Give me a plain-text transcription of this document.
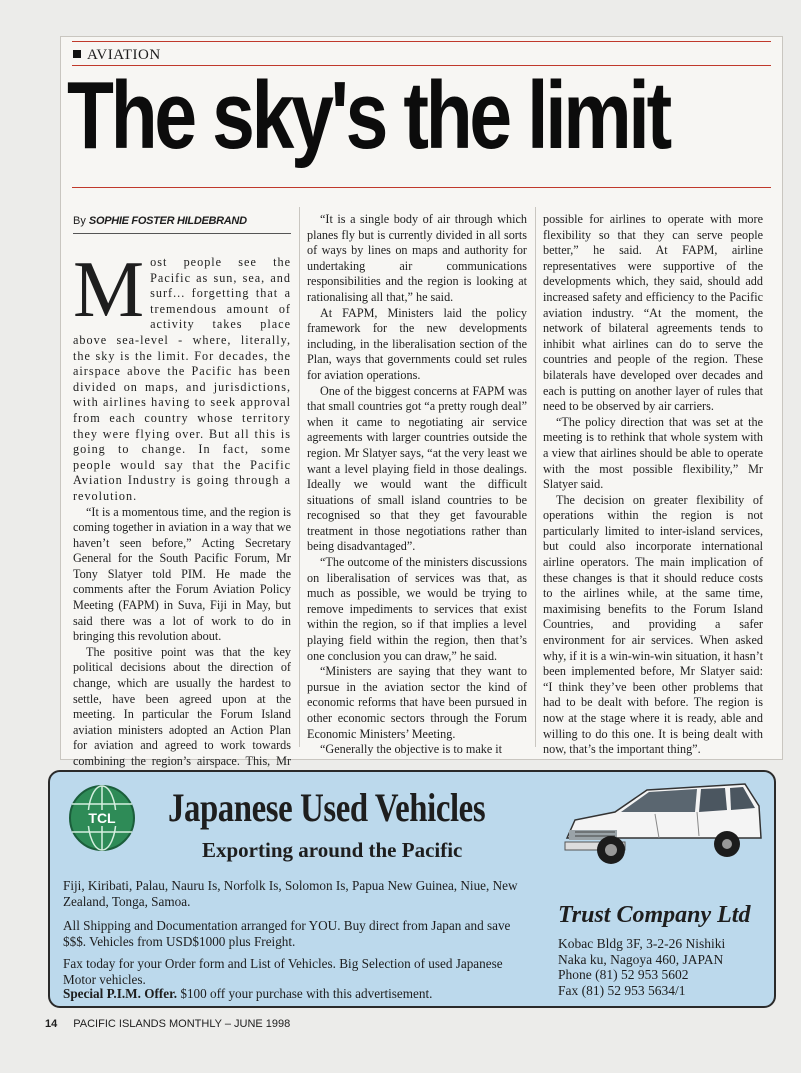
AVIATION
The sky's the limit
By SOPHIE FOSTER HILDEBRAND

Most people see the Pacific as sun, sea, and surf... forgetting that a tremendous amount of activity takes place above sea-level - where, literally, the sky is the limit. For decades, the airspace above the Pacific has been divided on maps, and jurisdictions, with airlines having to seek approval from each country whose territory they were flying over. But all this is going to change. In fact, some people would say that the Pacific Aviation Industry is going through a revolution.

“It is a momentous time, and the region is coming together in aviation in a way that we haven’t seen before,” Acting Secretary General for the South Pacific Forum, Mr Tony Slatyer told PIM. He made the comments after the Forum Aviation Policy Meeting (FAPM) in Suva, Fiji in May, but said there was a lot of work to do in bringing this revolution about.

The positive point was that the key political decisions about the direction of change, which are usually the hardest to settle, have been agreed upon at the meeting. In particular the Forum Island aviation ministers adopted an Action Plan for aviation and agreed to work towards combining the region’s airspace. This, Mr

“It is a single body of air through which planes fly but is currently divided in all sorts of ways by lines on maps and authority for undertaking air communications responsibilities and the region is looking at rationalising all that,” he said.

At FAPM, Ministers laid the policy framework for the new developments including, in the liberalisation section of the Plan, ways that governments could set rules for aviation operations.

One of the biggest concerns at FAPM was that small countries got “a pretty rough deal” when it came to negotiating air service agreements with larger countries outside the region. Mr Slatyer says, “at the very least we want a level playing field in those dealings. Ideally we would want the difficult situations of small island countries to be recognised so that they get favourable treatment in those negotiations rather than being disadvantaged”.

“The outcome of the ministers discussions on liberalisation of services was that, as much as possible, we would be trying to remove impediments to services that exist within the region, so if that implies a level playing field within the region, then that’s one conclusion you can draw,” he said.

“Ministers are saying that they want to pursue in the aviation sector the kind of economic reforms that have been pursued in other economic sectors through the Forum Economic Ministers’ Meeting.

“Generally the objective is to make it

possible for airlines to operate with more flexibility so that they can serve people better,” he said. At FAPM, airline representatives were supportive of the developments which, they said, should add increased safety and efficiency to the Pacific aviation industry. “At the moment, the network of bilateral agreements tends to inhibit what airlines can do to serve the countries and people of the region. These bilaterals have developed over decades and each is putting on another layer of rules that need to be observed by air carriers.

“The policy direction that was set at the meeting is to rethink that whole system with a view that airlines should be able to operate with the most possible flexibility,” Mr Slatyer said.

The decision on greater flexibility of operations within the region is not particularly limited to inter-island services, but could also incorporate international airline operators. The main implication of these changes is that it should reduce costs to the airlines while, at the same time, maximising benefits to the Forum Island Countries, and providing a safer environment for air services. When asked why, if it is a win-win-win situation, it hasn’t been implemented before, Mr Slatyer said: “I think they’ve been other problems that had to be dealt with before. The region is now at the stage where it is ready, able and willing to do this one. It is being dealt with now, that’s the important thing”.

TCL Japanese Used Vehicles
Exporting around the Pacific
Fiji, Kiribati, Palau, Nauru Is, Norfolk Is, Solomon Is, Papua New Guinea, Niue, New Zealand, Tonga, Samoa.
All Shipping and Documentation arranged for YOU. Buy direct from Japan and save $$$. Vehicles from USD$1000 plus Freight.
Fax today for your Order form and List of Vehicles. Big Selection of used Japanese Motor vehicles.
Special P.I.M. Offer. $100 off your purchase with this advertisement.
Trust Company Ltd
Kobac Bldg 3F, 3-2-26 Nishiki
Naka ku, Nagoya 460, JAPAN
Phone (81) 52 953 5602
Fax (81) 52 953 5634/1
14 PACIFIC ISLANDS MONTHLY – JUNE 1998
